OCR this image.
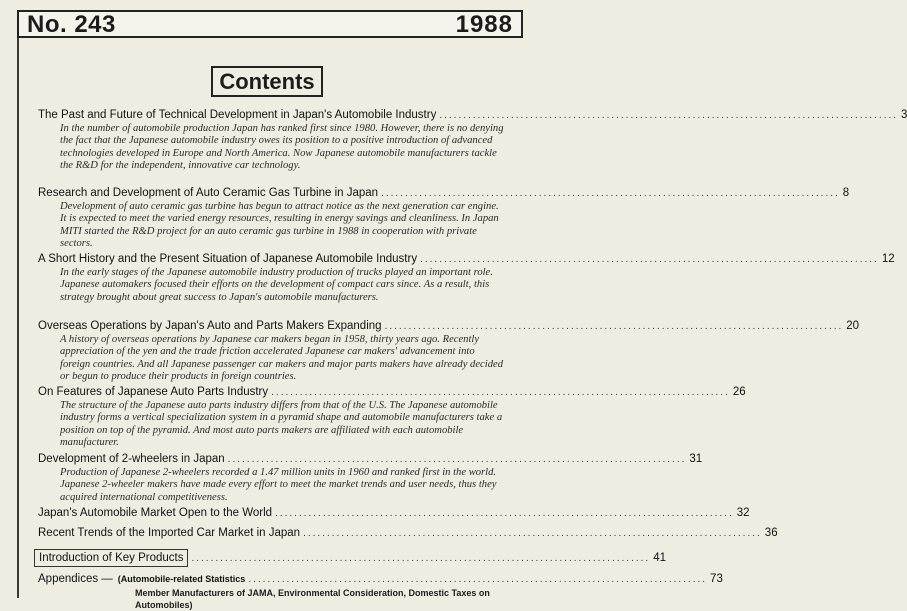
No. 243	1988
Contents
The Past and Future of Technical Development in Japan's Automobile Industry ................................................................................................ 3

In the number of automobile production Japan has ranked first since 1980. However, there is no denying the fact that the Japanese automobile industry owes its position to a positive introduction of advanced technologies developed in Europe and North America. Now Japanese automobile manufacturers tackle the R&D for the independent, innovative car technology.

Research and Development of Auto Ceramic Gas Turbine in Japan ................................................................................................ 8

Development of auto ceramic gas turbine has begun to attract notice as the next generation car engine. It is expected to meet the varied energy resources, resulting in energy savings and cleanliness. In Japan MITI started the R&D project for an auto ceramic gas turbine in 1988 in cooperation with private sectors.

A Short History and the Present Situation of Japanese Automobile Industry ................................................................................................ 12

In the early stages of the Japanese automobile industry production of trucks played an important role. Japanese automakers focused their efforts on the development of compact cars since. As a result, this strategy brought about great success to Japan's automobile manufacturers.

Overseas Operations by Japan's Auto and Parts Makers Expanding ................................................................................................ 20

A history of overseas operations by Japanese car makers began in 1958, thirty years ago. Recently appreciation of the yen and the trade friction accelerated Japanese car makers' advancement into foreign countries. And all Japanese passenger car makers and major parts makers have already decided or begun to produce their products in foreign countries.

On Features of Japanese Auto Parts Industry ................................................................................................ 26

The structure of the Japanese auto parts industry differs from that of the U.S. The Japanese automobile industry forms a vertical specialization system in a pyramid shape and automobile manufacturers take a position on top of the pyramid. And most auto parts makers are affiliated with each automobile manufacturer.

Development of 2-wheelers in Japan ................................................................................................ 31

Production of Japanese 2-wheelers recorded a 1.47 million units in 1960 and ranked first in the world. Japanese 2-wheeler makers have made every effort to meet the market trends and user needs, thus they acquired international competitiveness.

Japan's Automobile Market Open to the World ................................................................................................ 32
Recent Trends of the Imported Car Market in Japan ................................................................................................ 36
Introduction of Key Products ................................................................................................ 41
Appendices — (Automobile-related Statistics ................................................................................................ 73
Member Manufacturers of JAMA, Environmental Consideration, Domestic Taxes on Automobiles)
